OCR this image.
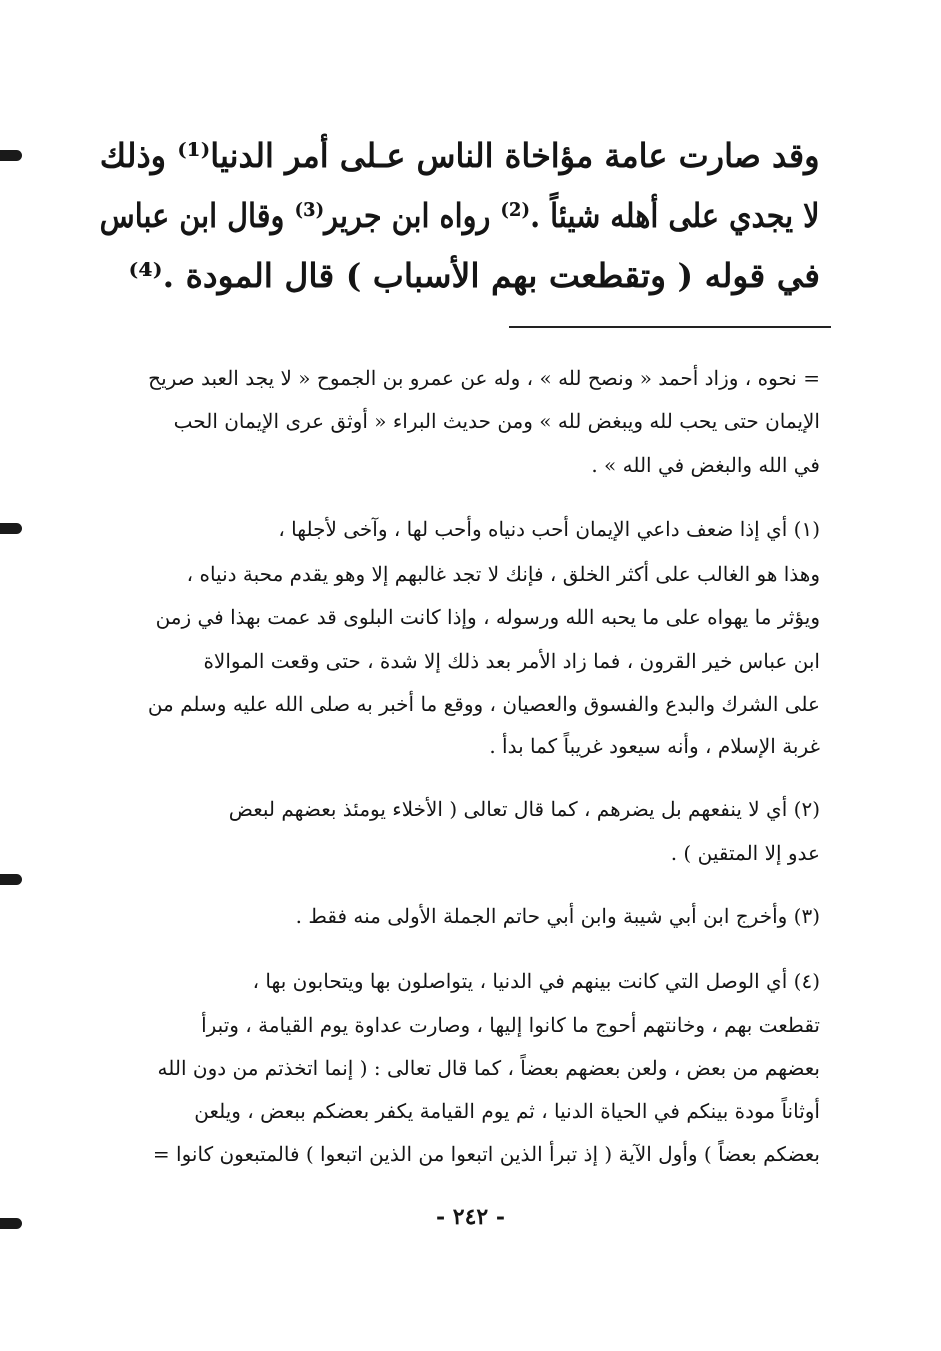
وقد صارت عامة مؤاخاة الناس عـلى أمر الدنيا⁽¹⁾ وذلك
لا يجدي على أهله شيئاً .⁽²⁾ رواه ابن جرير⁽³⁾ وقال ابن عباس
في قوله ( وتقطعت بهم الأسباب ) قال المودة .⁽⁴⁾
= نحوه ، وزاد أحمد « ونصح لله » ، وله عن عمرو بن الجموح « لا يجد العبد صريح
الإيمان حتى يحب لله ويبغض لله » ومن حديث البراء « أوثق عرى الإيمان الحب
في الله والبغض في الله » .
(١) أي إذا ضعف داعي الإيمان أحب دنياه وأحب لها ، وآخى لأجلها ،
وهذا هو الغالب على أكثر الخلق ، فإنك لا تجد غالبهم إلا وهو يقدم محبة دنياه ،
ويؤثر ما يهواه على ما يحبه الله ورسوله ، وإذا كانت البلوى قد عمت بهذا في زمن
ابن عباس خير القرون ، فما زاد الأمر بعد ذلك إلا شدة ، حتى وقعت الموالاة
على الشرك والبدع والفسوق والعصيان ، ووقع ما أخبر به صلى الله عليه وسلم من
غربة الإسلام ، وأنه سيعود غريباً كما بدأ .
(٢) أي لا ينفعهم بل يضرهم ، كما قال تعالى ( الأخلاء يومئذ بعضهم لبعض
عدو إلا المتقين ) .
(٣) وأخرج ابن أبي شيبة وابن أبي حاتم الجملة الأولى منه فقط .
(٤) أي الوصل التي كانت بينهم في الدنيا ، يتواصلون بها ويتحابون بها ،
تقطعت بهم ، وخانتهم أحوج ما كانوا إليها ، وصارت عداوة يوم القيامة ، وتبرأ
بعضهم من بعض ، ولعن بعضهم بعضاً ، كما قال تعالى : ( إنما اتخذتم من دون الله
أوثاناً مودة بينكم في الحياة الدنيا ، ثم يوم القيامة يكفر بعضكم ببعض ، ويلعن
بعضكم بعضاً ) وأول الآية ( إذ تبرأ الذين اتبعوا من الذين اتبعوا ) فالمتبعون كانوا =
- ٢٤٢ -
